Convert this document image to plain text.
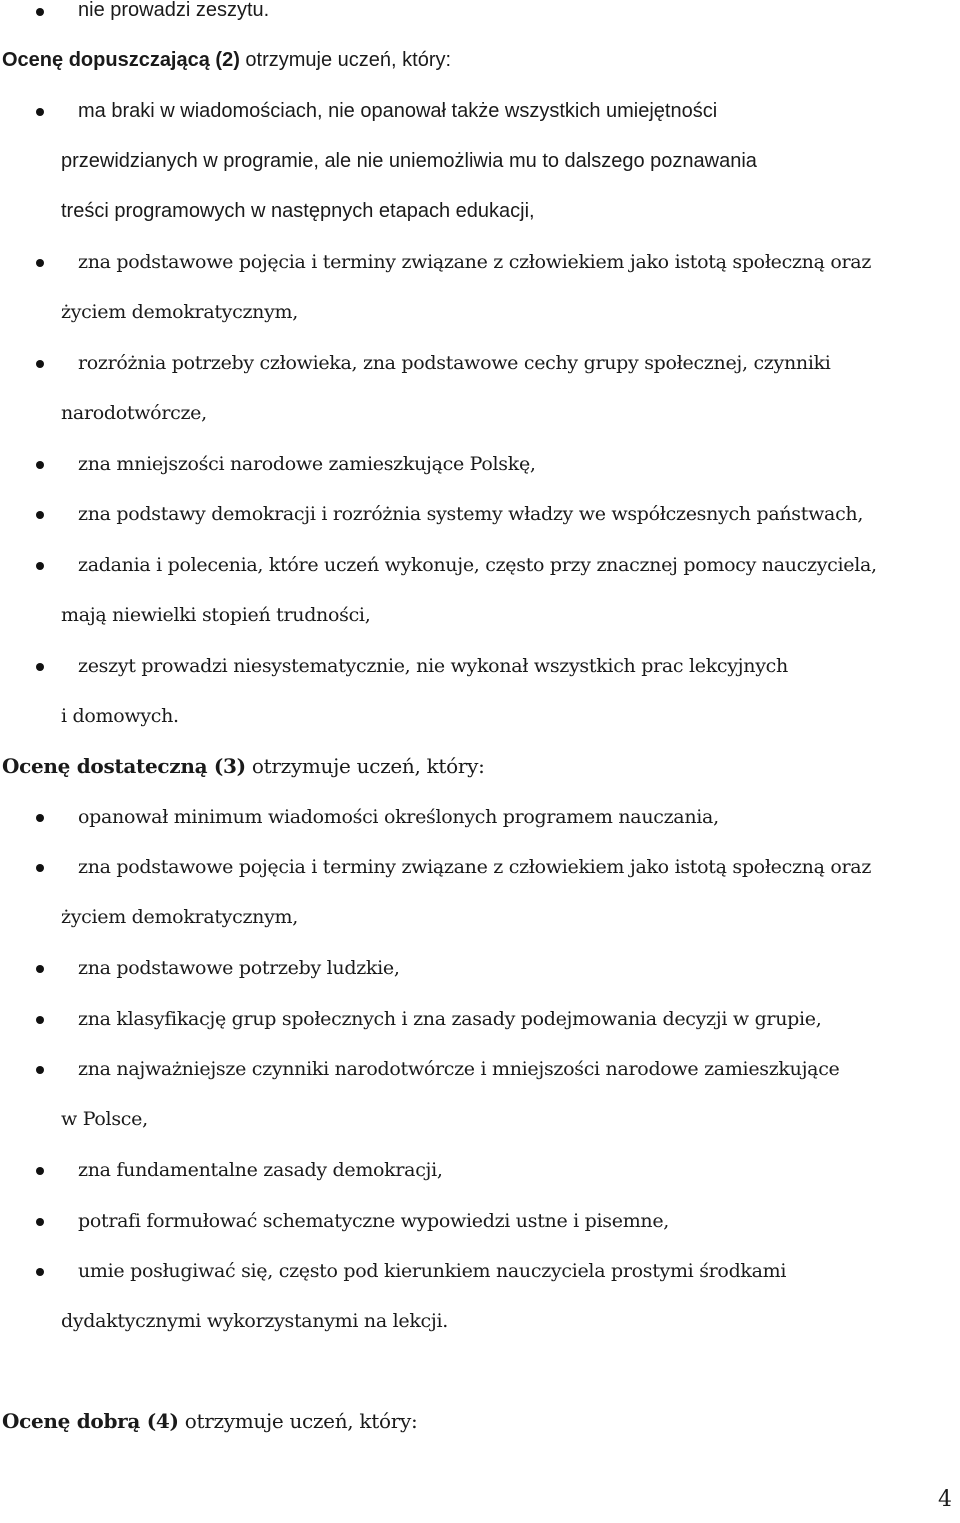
nie prowadzi zeszytu.
Ocenę dopuszczającą (2) otrzymuje uczeń, który:
ma braki w wiadomościach, nie opanował także wszystkich umiejętności
przewidzianych w programie, ale nie uniemożliwia mu to dalszego poznawania
treści programowych w następnych etapach edukacji,
zna podstawowe pojęcia i terminy związane z człowiekiem jako istotą społeczną oraz
życiem demokratycznym,
rozróżnia potrzeby człowieka, zna podstawowe cechy grupy społecznej, czynniki
narodotwórcze,
zna mniejszości narodowe zamieszkujące Polskę,
zna podstawy demokracji i rozróżnia systemy władzy we współczesnych państwach,
zadania i polecenia, które uczeń wykonuje, często przy znacznej pomocy nauczyciela,
mają niewielki stopień trudności,
zeszyt prowadzi niesystematycznie, nie wykonał wszystkich prac lekcyjnych
i domowych.
Ocenę dostateczną (3) otrzymuje uczeń, który:
opanował minimum wiadomości określonych programem nauczania,
zna podstawowe pojęcia i terminy związane z człowiekiem jako istotą społeczną oraz
życiem demokratycznym,
zna podstawowe potrzeby ludzkie,
zna klasyfikację grup społecznych i zna zasady podejmowania decyzji w grupie,
zna najważniejsze czynniki narodotwórcze i mniejszości narodowe zamieszkujące
w Polsce,
zna fundamentalne zasady demokracji,
potrafi formułować schematyczne wypowiedzi ustne i pisemne,
umie posługiwać się, często pod kierunkiem nauczyciela prostymi środkami
dydaktycznymi wykorzystanymi na lekcji.
Ocenę dobrą (4) otrzymuje uczeń, który:
4
